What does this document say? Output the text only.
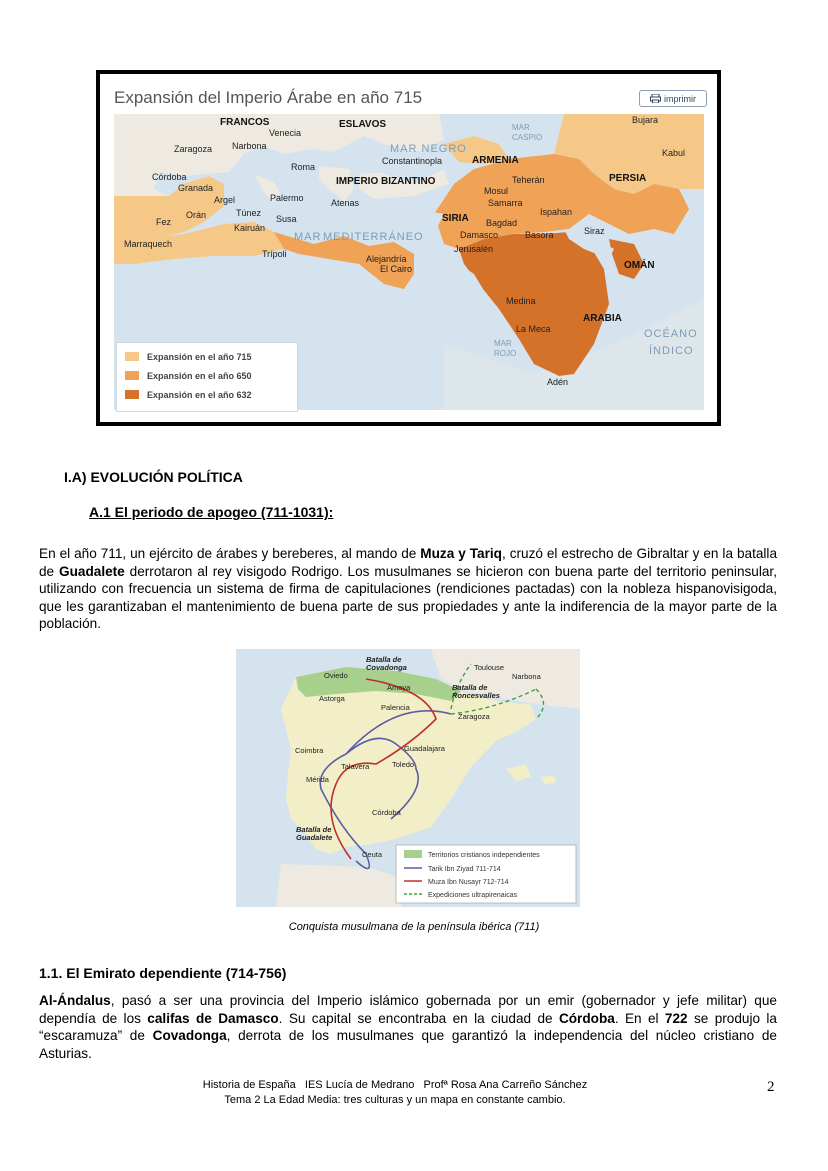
Expansión del Imperio Árabe en año 715	imprimir
FRANCOS	ESLAVOS
Venecia
Zaragoza Narbona
Roma
Constantinopla	ARMENIA
MAR
CASPIO
Bujara
Kabul
Córdoba
Granada
IMPERIO BIZANTINO	Teherán	PERSIA
Mosul
Argel	Palermo	Atenas	Samarra
Orán	Túnez
Susa	SIRIA Bagdad
Ispahan
Fez
Kairuán
Damasco	Basora	Siraz
Marraquech
MAR MEDITERRÁNEO
MAR NEGRO
Jerusalén
Trípoli	Alejandría
El Cairo	OMÁN
Medina
ARABIA
La Meca	OCÉANO
ÍNDICO
MAR
ROJO
Adén
Expansión en el año 715
Expansión en el año 650
Expansión en el año 632
I.A) EVOLUCIÓN POLÍTICA
A.1 El periodo de apogeo (711-1031):

En el año 711, un ejército de árabes y bereberes, al mando de Muza y Tariq, cruzó el estrecho de Gibraltar y en la batalla de Guadalete derrotaron al rey visigodo Rodrigo. Los musulmanes se hicieron con buena parte del territorio peninsular, utilizando con frecuencia un sistema de firma de capitulaciones (rendiciones pactadas) con la nobleza hispanovisigoda, que les garantizaban el mantenimiento de buena parte de sus propiedades y ante la indiferencia de la mayor parte de la población.

Batalla de
Covadonga	Toulouse
Narbona
Oviedo
Amaya	Batalla de
Roncesvalles
Astorga
Palencia
Zaragoza
Coimbra	Guadalajara
Talavera	Toledo
Mérida
Córdoba
Batalla de
Guadalete
Ceuta	Territorios cristianos independientes
Tarik Ibn Ziyad 711-714
Muza Ibn Nusayr 712-714
Expediciones ultrapirenaicas
Conquista musulmana de la península ibérica (711)
1.1. El Emirato dependiente (714-756)

Al-Ándalus, pasó a ser una provincia del Imperio islámico gobernada por un emir (gobernador y jefe militar) que dependía de los califas de Damasco. Su capital se encontraba en la ciudad de Córdoba. En el 722 se produjo la “escaramuza” de Covadonga, derrota de los musulmanes que garantizó la independencia del núcleo cristiano de Asturias.

Historia de España   IES Lucía de Medrano   Profª Rosa Ana Carreño Sánchez
Tema 2 La Edad Media: tres culturas y un mapa en constante cambio.
2
